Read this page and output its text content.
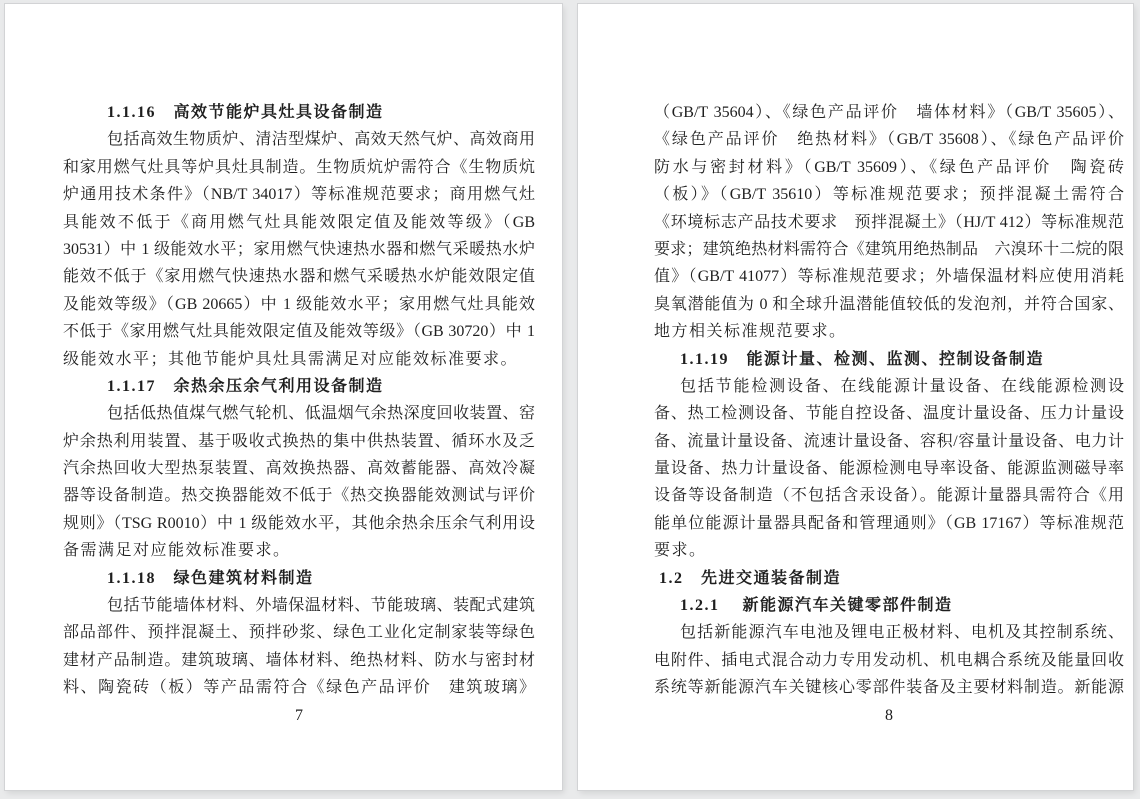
1.1.16　高效节能炉具灶具设备制造
包括高效生物质炉、清洁型煤炉、高效天然气炉、高效商用
和家用燃气灶具等炉具灶具制造。生物质炕炉需符合《生物质炕
炉通用技术条件》（NB/T 34017）等标准规范要求；商用燃气灶
具能效不低于《商用燃气灶具能效限定值及能效等级》（GB
30531）中 1 级能效水平；家用燃气快速热水器和燃气采暖热水炉
能效不低于《家用燃气快速热水器和燃气采暖热水炉能效限定值
及能效等级》（GB 20665）中 1 级能效水平；家用燃气灶具能效
不低于《家用燃气灶具能效限定值及能效等级》（GB 30720）中 1
级能效水平；其他节能炉具灶具需满足对应能效标准要求。
1.1.17　余热余压余气利用设备制造
包括低热值煤气燃气轮机、低温烟气余热深度回收装置、窑
炉余热利用装置、基于吸收式换热的集中供热装置、循环水及乏
汽余热回收大型热泵装置、高效换热器、高效蓄能器、高效冷凝
器等设备制造。热交换器能效不低于《热交换器能效测试与评价
规则》（TSG R0010）中 1 级能效水平，其他余热余压余气利用设
备需满足对应能效标准要求。
1.1.18　绿色建筑材料制造
包括节能墙体材料、外墙保温材料、节能玻璃、装配式建筑
部品部件、预拌混凝土、预拌砂浆、绿色工业化定制家装等绿色
建材产品制造。建筑玻璃、墙体材料、绝热材料、防水与密封材
料、陶瓷砖（板）等产品需符合《绿色产品评价　建筑玻璃》
7
（GB/T 35604）、《绿色产品评价　墙体材料》（GB/T 35605）、
《绿色产品评价　绝热材料》（GB/T 35608）、《绿色产品评价
防水与密封材料》（GB/T 35609）、《绿色产品评价　陶瓷砖
（板）》（GB/T 35610）等标准规范要求；预拌混凝土需符合
《环境标志产品技术要求　预拌混凝土》（HJ/T 412）等标准规范
要求；建筑绝热材料需符合《建筑用绝热制品　六溴环十二烷的限
值》（GB/T 41077）等标准规范要求；外墙保温材料应使用消耗
臭氧潜能值为 0 和全球升温潜能值较低的发泡剂，并符合国家、
地方相关标准规范要求。
1.1.19　能源计量、检测、监测、控制设备制造
包括节能检测设备、在线能源计量设备、在线能源检测设
备、热工检测设备、节能自控设备、温度计量设备、压力计量设
备、流量计量设备、流速计量设备、容积/容量计量设备、电力计
量设备、热力计量设备、能源检测电导率设备、能源监测磁导率
设备等设备制造（不包括含汞设备）。能源计量器具需符合《用
能单位能源计量器具配备和管理通则》（GB 17167）等标准规范
要求。
1.2　先进交通装备制造
1.2.1　 新能源汽车关键零部件制造
包括新能源汽车电池及锂电正极材料、电机及其控制系统、
电附件、插电式混合动力专用发动机、机电耦合系统及能量回收
系统等新能源汽车关键核心零部件装备及主要材料制造。新能源
8
